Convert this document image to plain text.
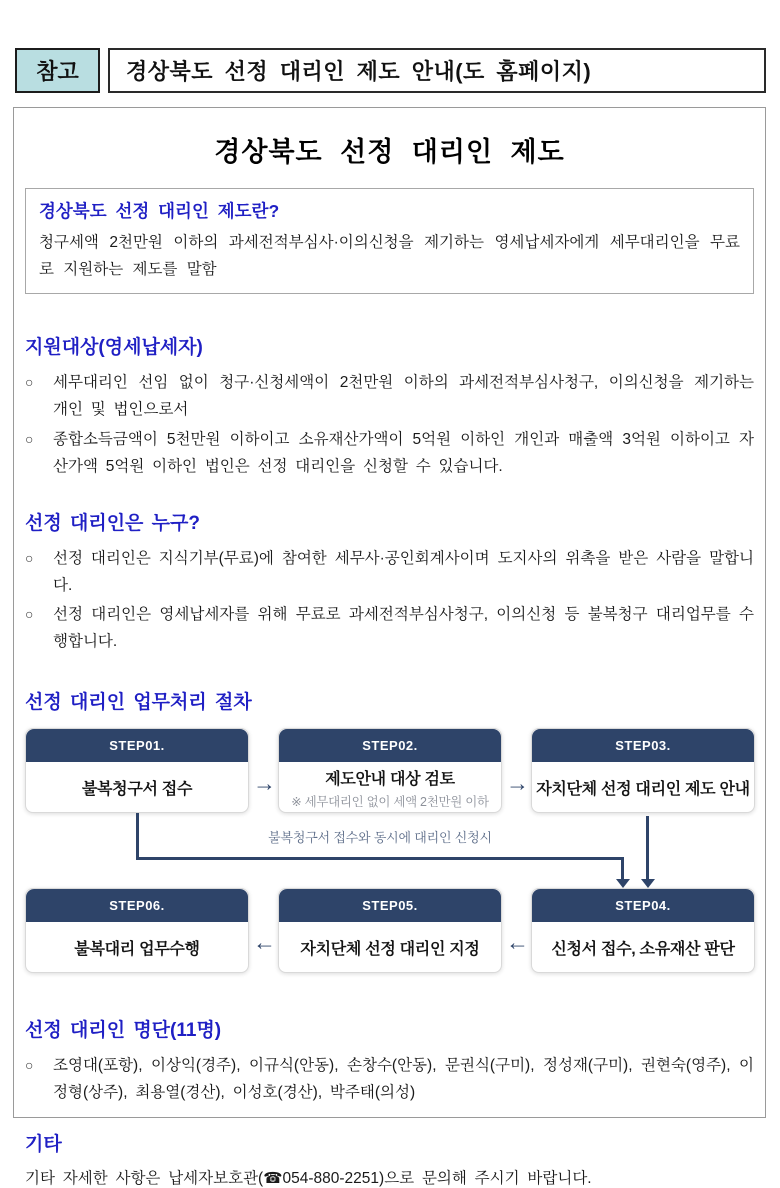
참고	경상북도 선정 대리인 제도 안내(도 홈페이지)
경상북도 선정 대리인 제도
경상북도 선정 대리인 제도란?
청구세액 2천만원 이하의 과세전적부심사·이의신청을 제기하는 영세납세자에게 세무대리인을 무료로 지원하는 제도를 말함
지원대상(영세납세자)
○	세무대리인 선임 없이 청구·신청세액이 2천만원 이하의 과세전적부심사청구, 이의신청을 제기하는 개인 및 법인으로서
○	종합소득금액이 5천만원 이하이고 소유재산가액이 5억원 이하인 개인과 매출액 3억원 이하이고 자산가액 5억원 이하인 법인은 선정 대리인을 신청할 수 있습니다.
선정 대리인은 누구?
○	선정 대리인은 지식기부(무료)에 참여한 세무사·공인회계사이며 도지사의 위촉을 받은 사람을 말합니다.
○	선정 대리인은 영세납세자를 위해 무료로 과세전적부심사청구, 이의신청 등 불복청구 대리업무를 수행합니다.
선정 대리인 업무처리 절차
STEP01.
불복청구서 접수	→
STEP02.
제도안내 대상 검토
※ 세무대리인 없이 세액 2천만원 이하
→
STEP03.
자치단체 선정 대리인 제도 안내
불복청구서 접수와 동시에 대리인 신청시
STEP06.
불복대리 업무수행	←
STEP05.
자치단체 선정 대리인 지정	←
STEP04.
신청서 접수, 소유재산 판단
선정 대리인 명단(11명)
○	조영대(포항), 이상익(경주), 이규식(안동), 손창수(안동), 문권식(구미), 정성재(구미), 권현숙(영주), 이정형(상주), 최용열(경산), 이성호(경산), 박주태(의성)
기타
기타 자세한 사항은 납세자보호관(☎054-880-2251)으로 문의해 주시기 바랍니다.
